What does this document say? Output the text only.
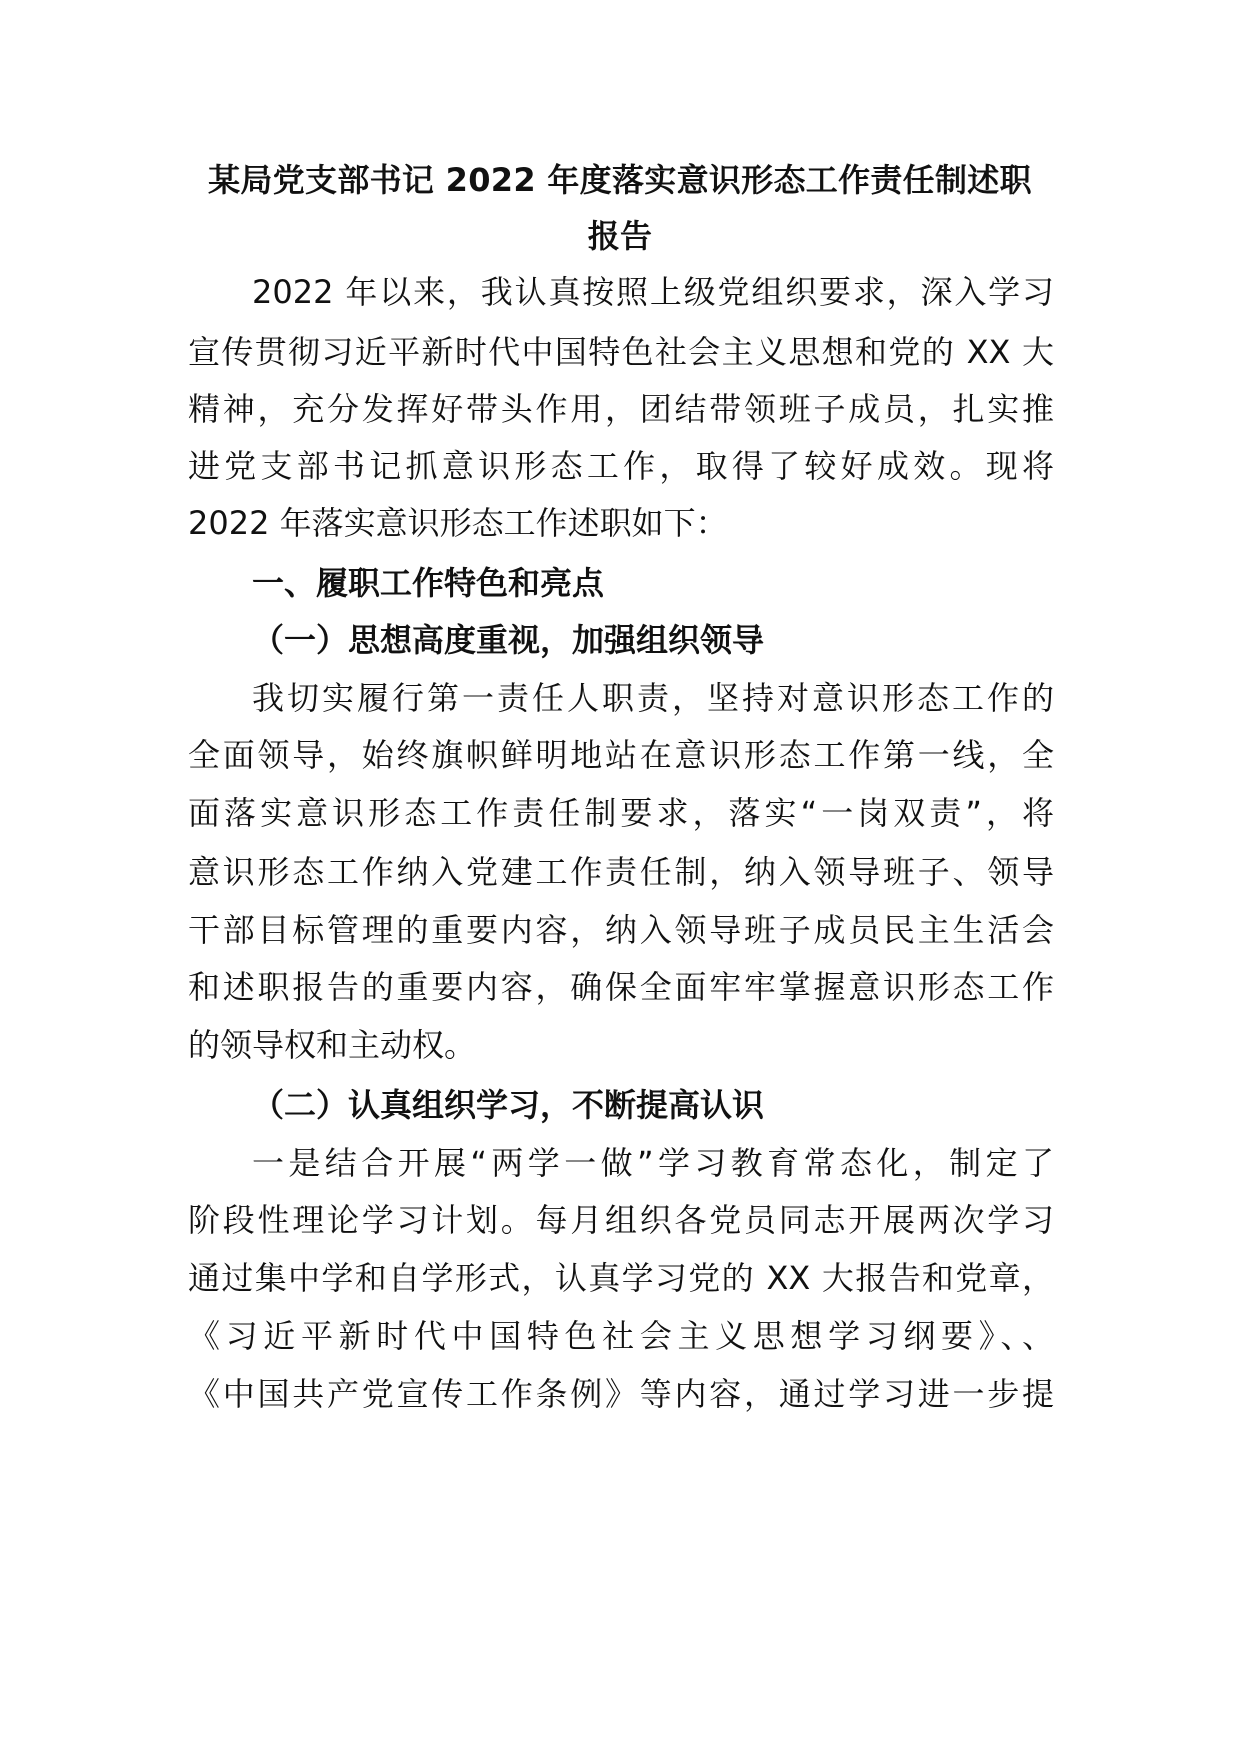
某局党支部书记 2022 年度落实意识形态工作责任制述职
报告
2022 年以来，我认真按照上级党组织要求，深入学习
宣传贯彻习近平新时代中国特色社会主义思想和党的 XX 大
精神，充分发挥好带头作用，团结带领班子成员，扎实推
进党支部书记抓意识形态工作，取得了较好成效。现将
2022 年落实意识形态工作述职如下：
一、履职工作特色和亮点
（一）思想高度重视，加强组织领导
我切实履行第一责任人职责，坚持对意识形态工作的
全面领导，始终旗帜鲜明地站在意识形态工作第一线，全
面落实意识形态工作责任制要求，落实“一岗双责”，将
意识形态工作纳入党建工作责任制，纳入领导班子、领导
干部目标管理的重要内容，纳入领导班子成员民主生活会
和述职报告的重要内容，确保全面牢牢掌握意识形态工作
的领导权和主动权。
（二）认真组织学习，不断提高认识
一是结合开展“两学一做”学习教育常态化，制定了
阶段性理论学习计划。每月组织各党员同志开展两次学习
通过集中学和自学形式，认真学习党的 XX 大报告和党章，
《习近平新时代中国特色社会主义思想学习纲要》、、
《中国共产党宣传工作条例》等内容，通过学习进一步提
